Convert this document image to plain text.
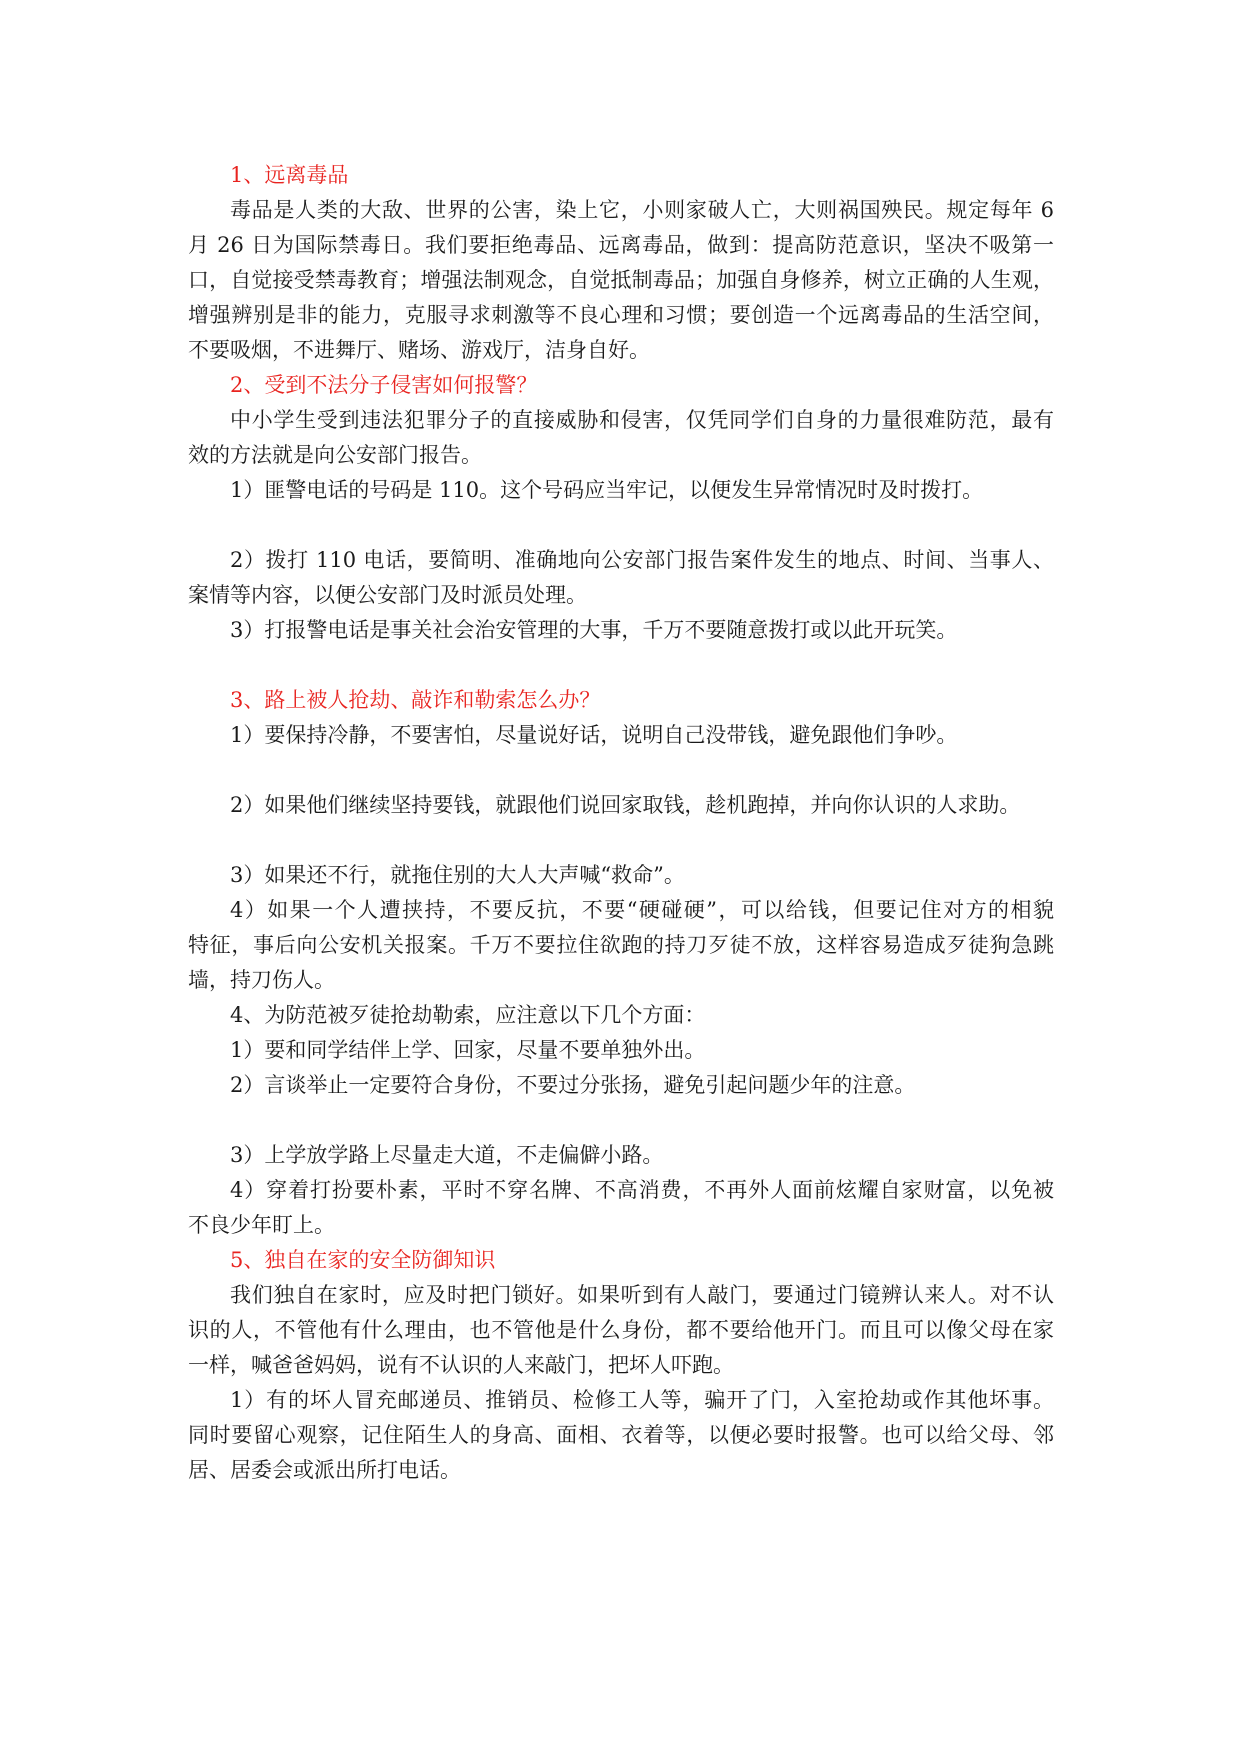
1、远离毒品

毒品是人类的大敌、世界的公害，染上它，小则家破人亡，大则祸国殃民。规定每年 6

月 26 日为国际禁毒日。我们要拒绝毒品、远离毒品，做到：提高防范意识，坚决不吸第一

口，自觉接受禁毒教育；增强法制观念，自觉抵制毒品；加强自身修养，树立正确的人生观，

增强辨别是非的能力，克服寻求刺激等不良心理和习惯；要创造一个远离毒品的生活空间，

不要吸烟，不进舞厅、赌场、游戏厅，洁身自好。

2、受到不法分子侵害如何报警？

中小学生受到违法犯罪分子的直接威胁和侵害，仅凭同学们自身的力量很难防范，最有

效的方法就是向公安部门报告。

1）匪警电话的号码是 110。这个号码应当牢记，以便发生异常情况时及时拨打。

2）拨打 110 电话，要简明、准确地向公安部门报告案件发生的地点、时间、当事人、

案情等内容，以便公安部门及时派员处理。

3）打报警电话是事关社会治安管理的大事，千万不要随意拨打或以此开玩笑。

3、路上被人抢劫、敲诈和勒索怎么办？

1）要保持冷静，不要害怕，尽量说好话，说明自己没带钱，避免跟他们争吵。

2）如果他们继续坚持要钱，就跟他们说回家取钱，趁机跑掉，并向你认识的人求助。

3）如果还不行，就拖住别的大人大声喊“救命”。

4）如果一个人遭挟持，不要反抗，不要“硬碰硬”，可以给钱，但要记住对方的相貌

特征，事后向公安机关报案。千万不要拉住欲跑的持刀歹徒不放，这样容易造成歹徒狗急跳

墙，持刀伤人。

4、为防范被歹徒抢劫勒索，应注意以下几个方面：

1）要和同学结伴上学、回家，尽量不要单独外出。

2）言谈举止一定要符合身份，不要过分张扬，避免引起问题少年的注意。

3）上学放学路上尽量走大道，不走偏僻小路。

4）穿着打扮要朴素，平时不穿名牌、不高消费，不再外人面前炫耀自家财富，以免被

不良少年盯上。

5、独自在家的安全防御知识

我们独自在家时，应及时把门锁好。如果听到有人敲门，要通过门镜辨认来人。对不认

识的人，不管他有什么理由，也不管他是什么身份，都不要给他开门。而且可以像父母在家

一样，喊爸爸妈妈，说有不认识的人来敲门，把坏人吓跑。

1）有的坏人冒充邮递员、推销员、检修工人等，骗开了门，入室抢劫或作其他坏事。

同时要留心观察，记住陌生人的身高、面相、衣着等，以便必要时报警。也可以给父母、邻

居、居委会或派出所打电话。
